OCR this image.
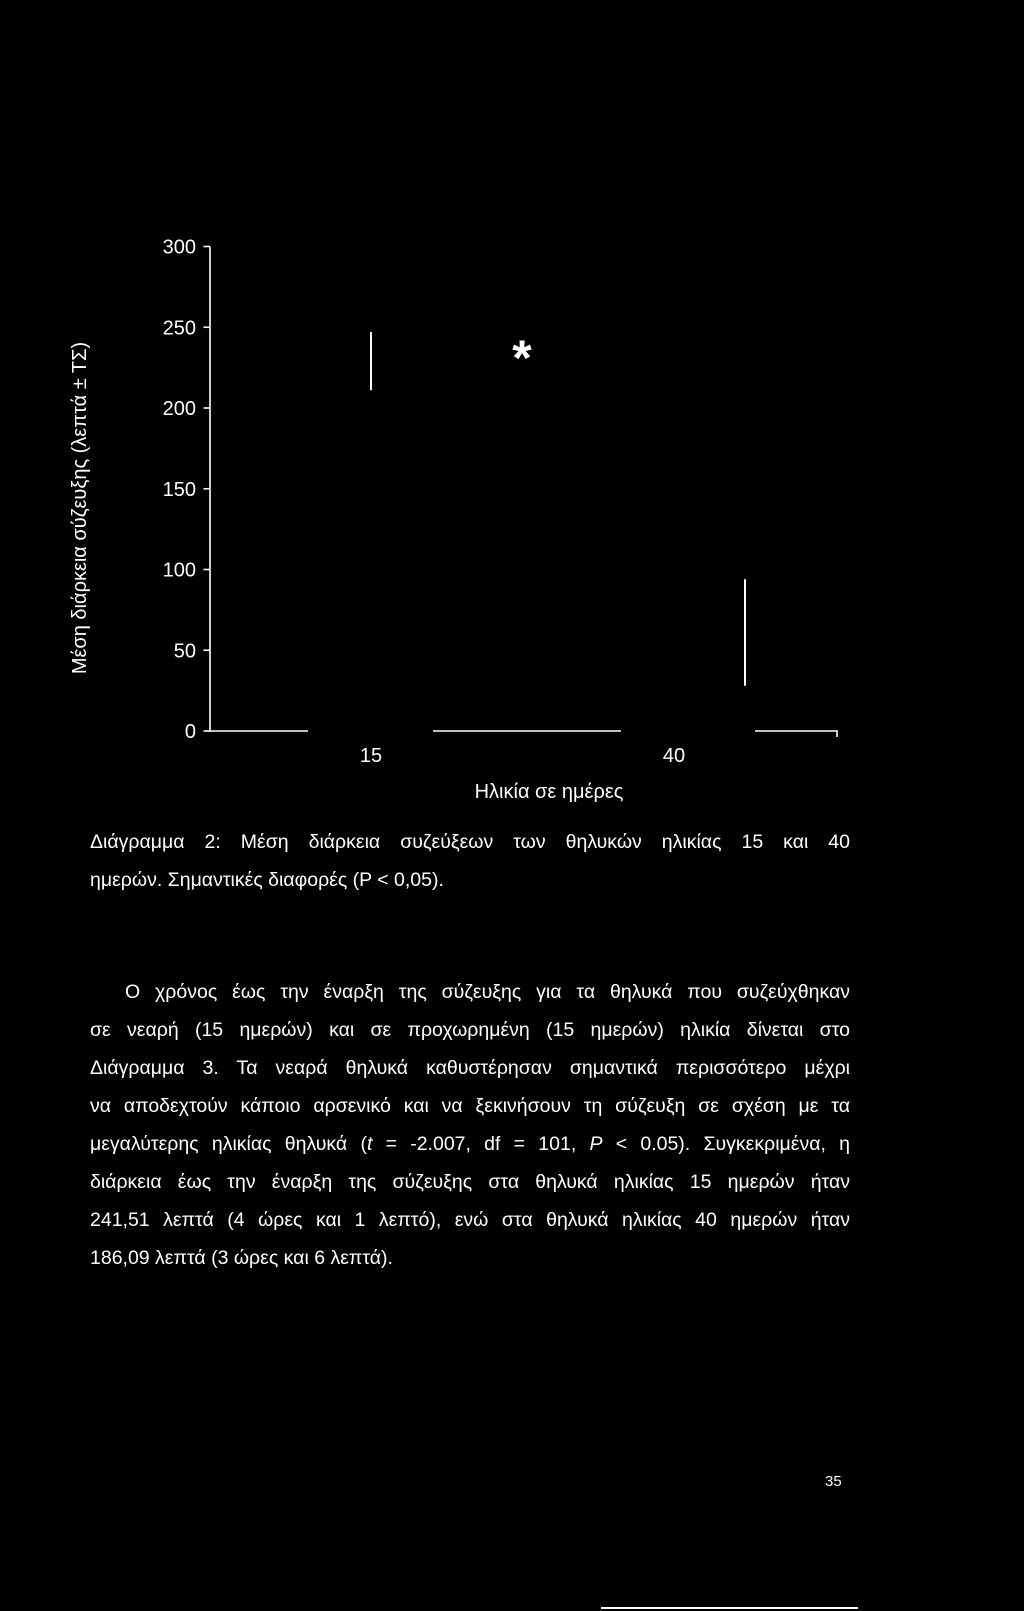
Μέση διάρκεια σύζευξης (λεπτά ± ΤΣ)
0
50
100
150
200
250
300
15	40
*
Ηλικία σε ημέρες
Διάγραμμα 2: Μέση διάρκεια συζεύξεων των θηλυκών ηλικίας 15 και 40
ημερών. Σημαντικές διαφορές (P < 0,05).
Ο χρόνος έως την έναρξη της σύζευξης για τα θηλυκά που συζεύχθηκαν
σε νεαρή (15 ημερών) και σε προχωρημένη (15 ημερών) ηλικία δίνεται στο
Διάγραμμα 3. Τα νεαρά θηλυκά καθυστέρησαν σημαντικά περισσότερο μέχρι
να αποδεχτούν κάποιο αρσενικό και να ξεκινήσουν τη σύζευξη σε σχέση με τα
μεγαλύτερης ηλικίας θηλυκά (t = -2.007, df = 101, P < 0.05). Συγκεκριμένα, η
διάρκεια έως την έναρξη της σύζευξης στα θηλυκά ηλικίας 15 ημερών ήταν
241,51 λεπτά (4 ώρες και 1 λεπτό), ενώ στα θηλυκά ηλικίας 40 ημερών ήταν
186,09 λεπτά (3 ώρες και 6 λεπτά).
35
